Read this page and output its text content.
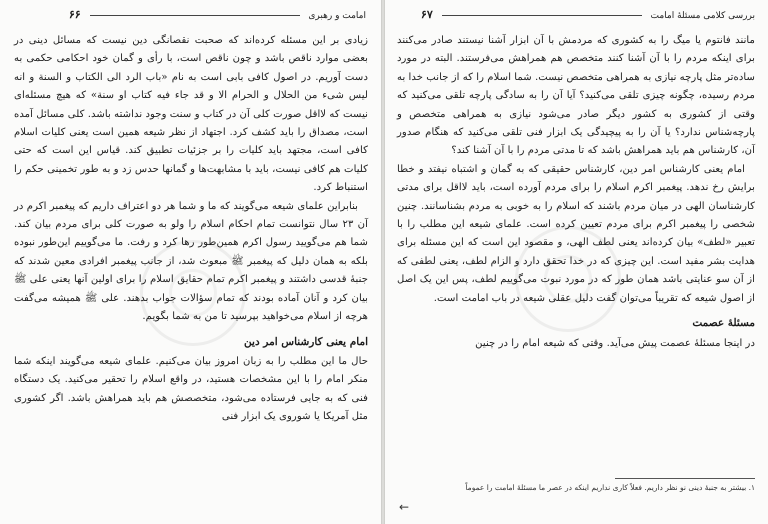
امامت و رهبری  ۶۶

زیادی بر این مسئله کرده‌اند که صحبت نقصانگی دین نیست که مسائل دینی در بعضی موارد ناقص باشد و چون ناقص است، با رأی و گمان خود احکامی حکمی به دست آوریم. در اصول کافی بابی است به نام «باب الرد الی الکتاب و السنة و انه لیس شیء من الحلال و الحرام الا و قد جاء فیه کتاب او سنة» که هیچ مسئله‌ای نیست که لااقل صورت کلی آن در کتاب و سنت وجود نداشته باشد. کلی مسائل آمده است، مصداق را باید کشف کرد. اجتهاد از نظر شیعه همین است یعنی کلیات اسلام کافی است، مجتهد باید کلیات را بر جزئیات تطبیق کند. قیاس این است که حتی کلیات هم کافی نیست، باید با مشابهت‌ها و گمانها حدس زد و به طور تخمینی حکم را استنباط کرد.

بنابراین علمای شیعه می‌گویند که ما و شما هر دو اعتراف داریم که پیغمبر اکرم در آن ۲۳ سال نتوانست تمام احکام اسلام را ولو به صورت کلی برای مردم بیان کند. شما هم می‌گویید رسول اکرم همین‌طور رها کرد و رفت. ما می‌گوییم این‌طور نبوده بلکه به همان دلیل که پیغمبر ﷺ مبعوث شد، از جانب پیغمبر افرادی معین شدند که جنبهٔ قدسی داشتند و پیغمبر اکرم تمام حقایق اسلام را برای اولین آنها یعنی علی ﷺ بیان کرد و آنان آماده بودند که تمام سؤالات جواب بدهند. علی ﷺ همیشه می‌گفت هرچه از اسلام می‌خواهید بپرسید تا من به شما بگویم.

امام یعنی کارشناس امر دین

حال ما این مطلب را به زبان امروز بیان می‌کنیم. علمای شیعه می‌گویند اینکه شما منکر امام را با این مشخصات هستید، در واقع اسلام را تحقیر می‌کنید. یک دستگاه فنی که به جایی فرستاده می‌شود، متخصصش هم باید همراهش باشد. اگر کشوری مثل آمریکا یا شوروی یک ابزار فنی

بررسی کلامی مسئلهٔ امامت  ۶۷

مانند فانتوم یا میگ را به کشوری که مردمش با آن ابزار آشنا نیستند صادر می‌کنند برای اینکه مردم را با آن آشنا کنند متخصص هم همراهش می‌فرستند. البته در مورد ساده‌تر مثل پارچه نیازی به همراهی متخصص نیست. شما اسلام را که از جانب خدا به مردم رسیده، چگونه چیزی تلقی می‌کنید؟ آیا آن را به سادگی پارچه تلقی می‌کنید که وقتی از کشوری به کشور دیگر صادر می‌شود نیازی به همراهی متخصص و پارچه‌شناس ندارد؟ یا آن را به پیچیدگی یک ابزار فنی تلقی می‌کنید که هنگام صدور آن، کارشناس هم باید همراهش باشد که تا مدتی مردم را با آن آشنا کند؟

امام یعنی کارشناس امر دین، کارشناس حقیقی که به گمان و اشتباه نیفتد و خطا برایش رخ ندهد. پیغمبر اکرم اسلام را برای مردم آورده است، باید لااقل برای مدتی کارشناسان الهی در میان مردم باشند که اسلام را به خوبی به مردم بشناسانند. چنین شخصی را پیغمبر اکرم برای مردم تعیین کرده است. علمای شیعه این مطلب را با تعبیر «لطف» بیان کرده‌اند یعنی لطف الهی، و مقصود این است که این مسئله برای هدایت بشر مفید است. این چیزی که در خدا تحقق دارد و الزام لطف، یعنی لطفی که از آن سو عنایتی باشد همان طور که در مورد نبوت می‌گوییم لطف، پس این یک اصل از اصول شیعه که تقریباً می‌توان گفت دلیل عقلی شیعه در باب امامت است.

مسئلهٔ عصمت

در اینجا مسئلهٔ عصمت پیش می‌آید. وقتی که شیعه امام را در چنین

۱. بیشتر به جنبهٔ دینی نو نظر داریم. فعلاً کاری نداریم اینکه در عصر ما مسئلهٔ امامت را عموماً
←
